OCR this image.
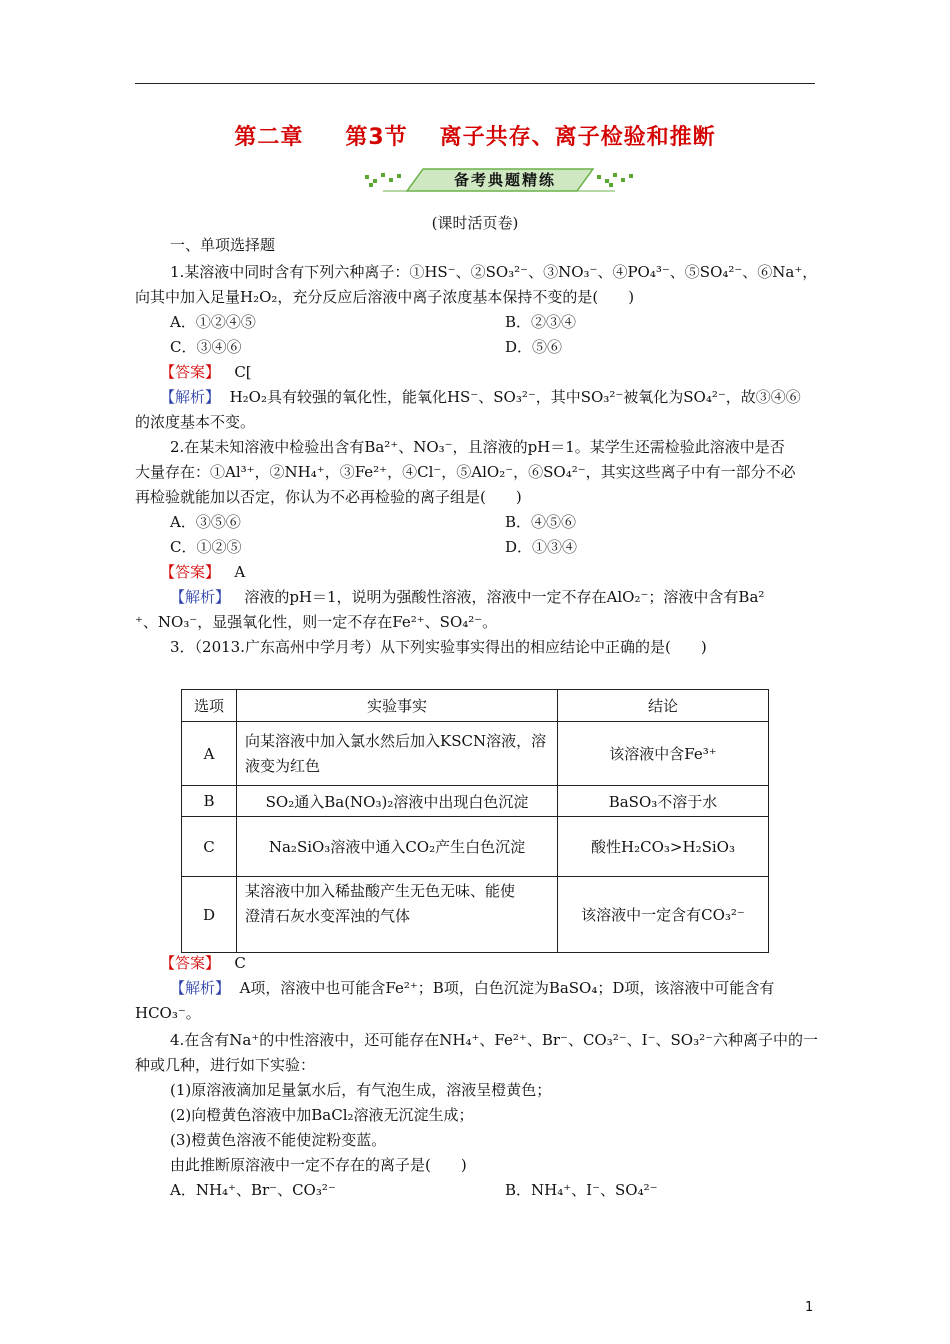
第二章 第3节 离子共存、离子检验和推断
备考典题精练
(课时活页卷)
一、单项选择题
1.某溶液中同时含有下列六种离子：①HS⁻、②SO₃²⁻、③NO₃⁻、④PO₄³⁻、⑤SO₄²⁻、⑥Na⁺，
向其中加入足量H₂O₂，充分反应后溶液中离子浓度基本保持不变的是(　　)
A．①②④⑤	B．②③④
C．③④⑥	D．⑤⑥
【答案】 C[
【解析】 H₂O₂具有较强的氧化性，能氧化HS⁻、SO₃²⁻，其中SO₃²⁻被氧化为SO₄²⁻，故③④⑥
的浓度基本不变。
2.在某未知溶液中检验出含有Ba²⁺、NO₃⁻，且溶液的pH＝1。某学生还需检验此溶液中是否
大量存在：①Al³⁺，②NH₄⁺，③Fe²⁺，④Cl⁻，⑤AlO₂⁻，⑥SO₄²⁻，其实这些离子中有一部分不必
再检验就能加以否定，你认为不必再检验的离子组是(　　)
A．③⑤⑥	B．④⑤⑥
C．①②⑤	D．①③④
【答案】 A
【解析】 溶液的pH＝1，说明为强酸性溶液，溶液中一定不存在AlO₂⁻；溶液中含有Ba²
⁺、NO₃⁻，显强氧化性，则一定不存在Fe²⁺、SO₄²⁻。
3．（2013.广东高州中学月考）从下列实验事实得出的相应结论中正确的是(　　)
选项	实验事实	结论
A	向某溶液中加入氯水然后加入KSCN溶液，溶
液变为红色	该溶液中含Fe³⁺
B	SO₂通入Ba(NO₃)₂溶液中出现白色沉淀	BaSO₃不溶于水
C	Na₂SiO₃溶液中通入CO₂产生白色沉淀	酸性H₂CO₃>H₂SiO₃
D	某溶液中加入稀盐酸产生无色无味、能使
澄清石灰水变浑浊的气体	该溶液中一定含有CO₃²⁻
【答案】 C
【解析】 A项，溶液中也可能含Fe²⁺；B项，白色沉淀为BaSO₄；D项，该溶液中可能含有
HCO₃⁻。
4.在含有Na⁺的中性溶液中，还可能存在NH₄⁺、Fe²⁺、Br⁻、CO₃²⁻、I⁻、SO₃²⁻六种离子中的一
种或几种，进行如下实验：
(1)原溶液滴加足量氯水后，有气泡生成，溶液呈橙黄色；
(2)向橙黄色溶液中加BaCl₂溶液无沉淀生成；
(3)橙黄色溶液不能使淀粉变蓝。
由此推断原溶液中一定不存在的离子是(　　)
A．NH₄⁺、Br⁻、CO₃²⁻	B．NH₄⁺、I⁻、SO₄²⁻
1
